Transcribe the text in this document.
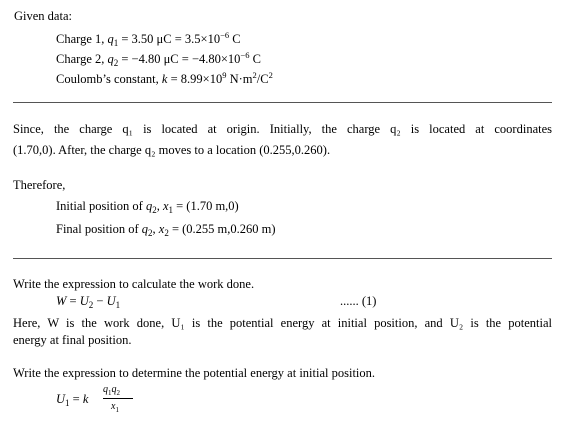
Given data:
Charge 1, $q_1 = 3.50$ $\mu C = 3.5\times 10^{-6}$ C
Charge 2, $q_2 = -4.80$ $\mu C = -4.80\times 10^{-6}$ C
Coulomb’s constant, $k = 8.99\times 10^9$ $N\cdot m^2/C^2$
Since, the charge q₁ is located at origin. Initially, the charge q₂ is located at coordinates
(1.70,0). After, the charge q₂ moves to a location (0.255,0.260).
Therefore,
Initial position of $q_2$, $x_1 = (1.70$ m,0)
Final position of $q_2$, $x_2 = (0.255$ m,0.260 m)
Write the expression to calculate the work done.
$W = U_2 - U_1$	...... (1)
Here, W is the work done, U₁ is the potential energy at initial position, and U₂ is the potential
energy at final position.
Write the expression to determine the potential energy at initial position.
$U_1 = k$
$q_1q_2$
$x_1$
